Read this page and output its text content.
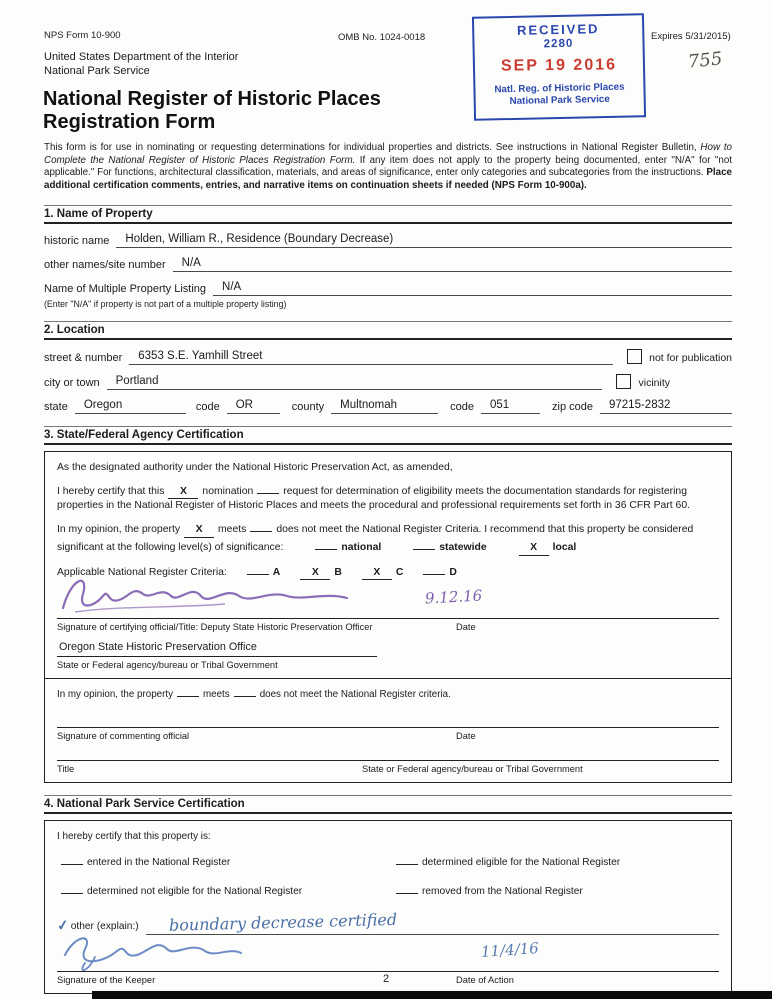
NPS Form 10-900	OMB No. 1024-0018	Expires 5/31/2015)
755
RECEIVED
2280
SEP 19 2016
Natl. Reg. of Historic Places
National Park Service
United States Department of the Interior
National Park Service
National Register of Historic Places
Registration Form

This form is for use in nominating or requesting determinations for individual properties and districts. See instructions in National Register Bulletin, How to Complete the National Register of Historic Places Registration Form. If any item does not apply to the property being documented, enter "N/A" for "not applicable." For functions, architectural classification, materials, and areas of significance, enter only categories and subcategories from the instructions. Place additional certification comments, entries, and narrative items on continuation sheets if needed (NPS Form 10-900a).

1. Name of Property
historic name	Holden, William R., Residence (Boundary Decrease)
other names/site number	N/A
Name of Multiple Property Listing	N/A
(Enter "N/A" if property is not part of a multiple property listing)
2. Location
street & number	6353 S.E. Yamhill Street	not for publication
city or town	Portland	vicinity
state	Oregon	code	OR	county	Multnomah	code	051	zip code	97215-2832
3. State/Federal Agency Certification

As the designated authority under the National Historic Preservation Act, as amended,

I hereby certify that this X nomination	request for determination of eligibility meets the documentation standards for registering properties in the National Register of Historic Places and meets the procedural and professional requirements set forth in 36 CFR Part 60.

In my opinion, the property X meets	does not meet the National Register Criteria. I recommend that this property be considered significant at the following level(s) of significance:	national	statewide	X local

Applicable National Register Criteria:	A	X B	X C	D

9.12.16
Signature of certifying official/Title: Deputy State Historic Preservation Officer	Date
Oregon State Historic Preservation Office
State or Federal agency/bureau or Tribal Government

In my opinion, the property	meets	does not meet the National Register criteria.

Signature of commenting official	Date
Title	State or Federal agency/bureau or Tribal Government
4. National Park Service Certification
I hereby certify that this property is:
entered in the National Register	determined eligible for the National Register
determined not eligible for the National Register	removed from the National Register
✓ other (explain:)	boundary decrease certified
11/4/16
Signature of the Keeper	Date of Action
2
